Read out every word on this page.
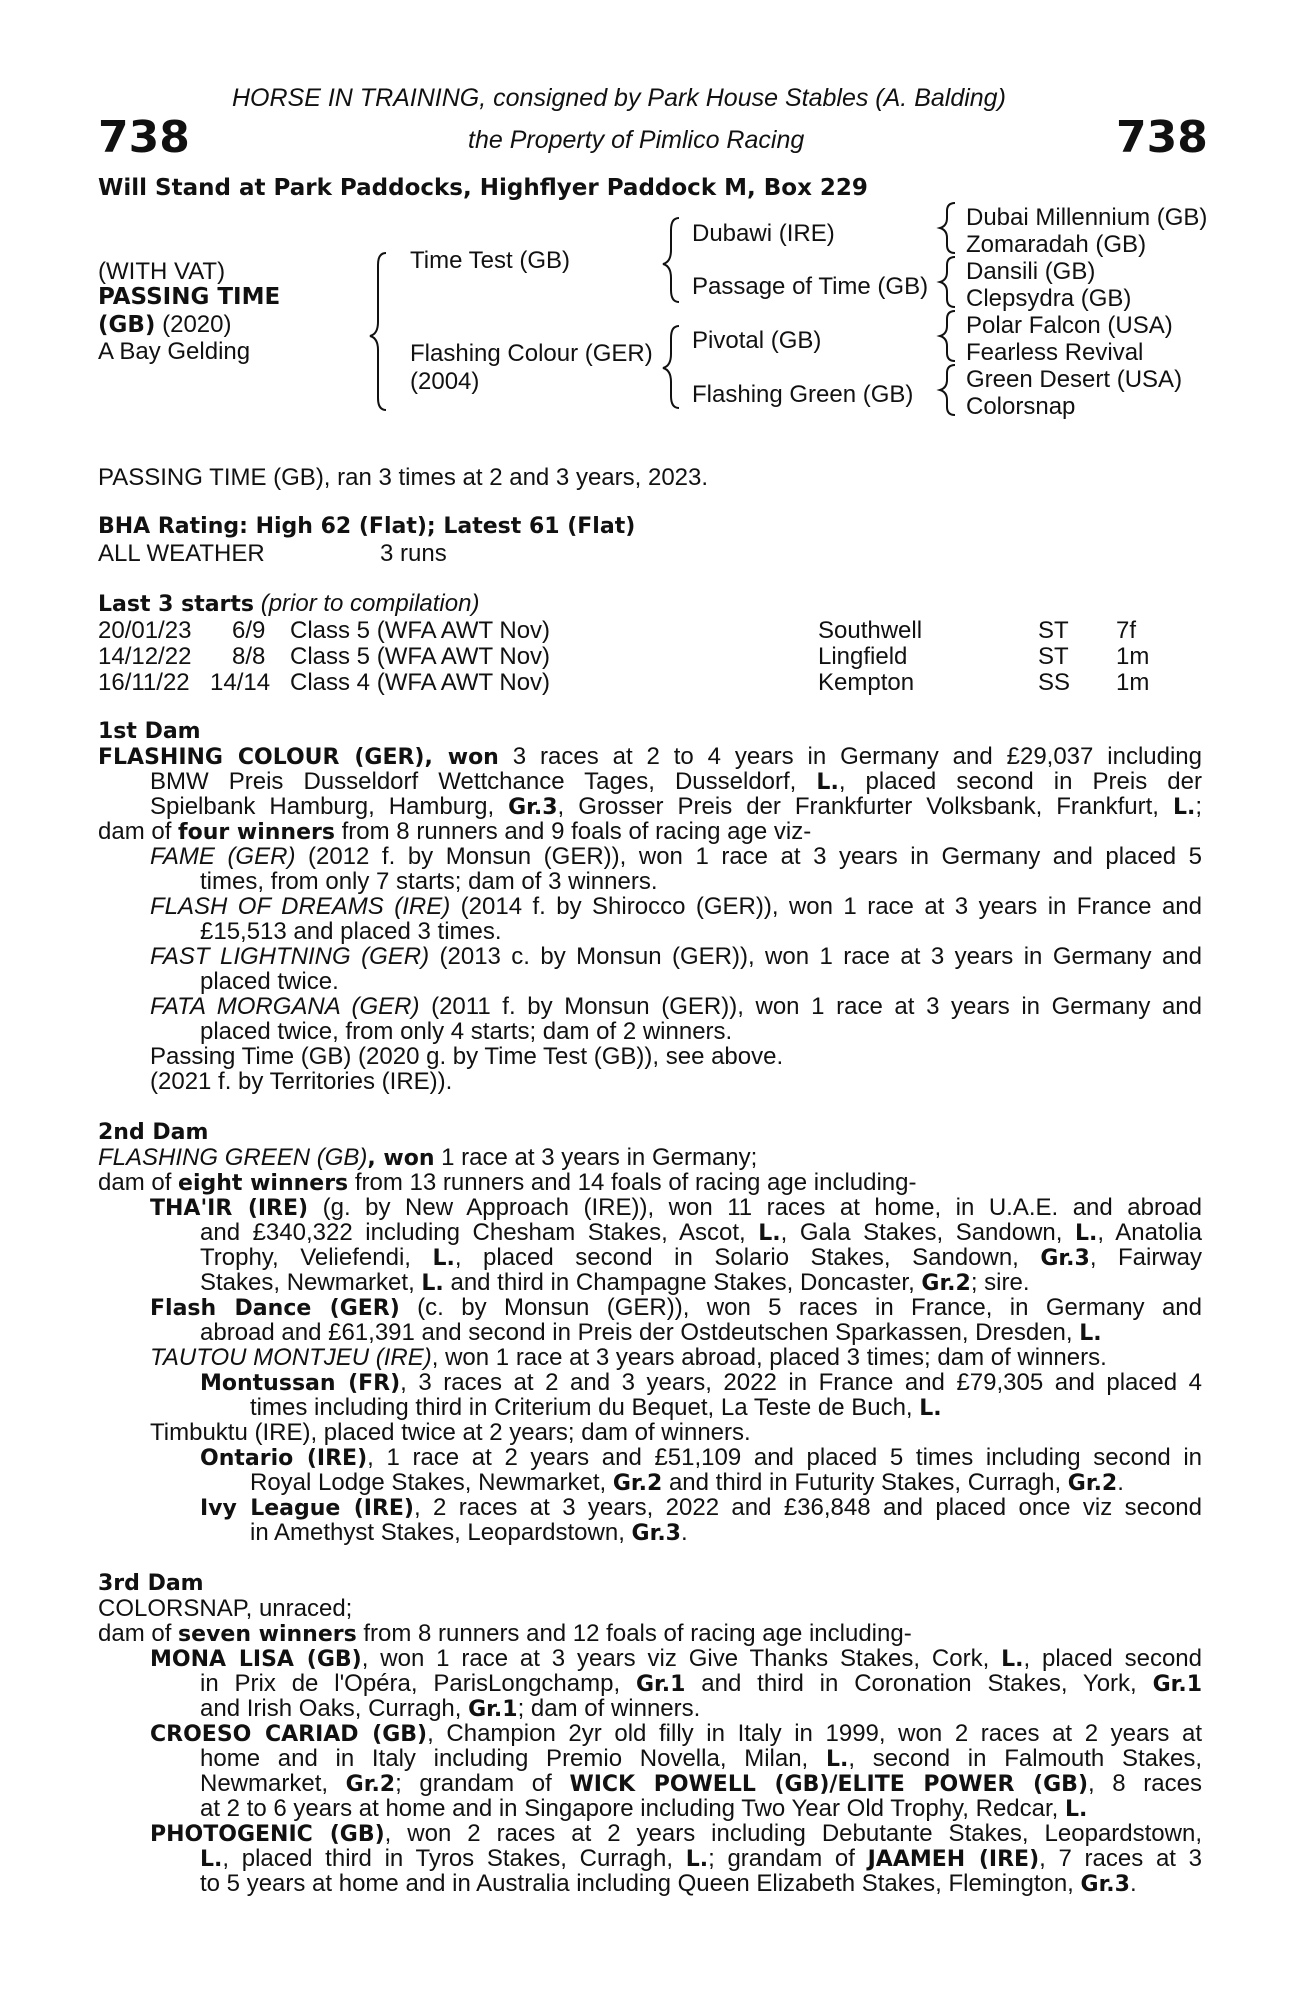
HORSE IN TRAINING, consigned by Park House Stables (A. Balding)
738	the Property of Pimlico Racing	738
Will Stand at Park Paddocks, Highflyer Paddock M, Box 229
(WITH VAT)
PASSING TIME
(GB) (2020)
A Bay Gelding
Time Test (GB)
Flashing Colour (GER)
(2004)
Dubawi (IRE)
Passage of Time (GB)
Pivotal (GB)
Flashing Green (GB)
Dubai Millennium (GB)
Zomaradah (GB)
Dansili (GB)
Clepsydra (GB)
Polar Falcon (USA)
Fearless Revival
Green Desert (USA)
Colorsnap
PASSING TIME (GB), ran 3 times at 2 and 3 years, 2023.
BHA Rating: High 62 (Flat); Latest 61 (Flat)
ALL WEATHER	3 runs
Last 3 starts (prior to compilation)
20/01/23 6/9 Class 5 (WFA AWT Nov)	Southwell	ST 7f
14/12/22 8/8 Class 5 (WFA AWT Nov)	Lingfield	ST 1m
16/11/22 14/14 Class 4 (WFA AWT Nov)	Kempton	SS 1m
1st Dam
FLASHING COLOUR (GER), won 3 races at 2 to 4 years in Germany and £29,037 including
BMW Preis Dusseldorf Wettchance Tages, Dusseldorf, L., placed second in Preis der
Spielbank Hamburg, Hamburg, Gr.3, Grosser Preis der Frankfurter Volksbank, Frankfurt, L.;
dam of four winners from 8 runners and 9 foals of racing age viz-
FAME (GER) (2012 f. by Monsun (GER)), won 1 race at 3 years in Germany and placed 5
times, from only 7 starts; dam of 3 winners.
FLASH OF DREAMS (IRE) (2014 f. by Shirocco (GER)), won 1 race at 3 years in France and
£15,513 and placed 3 times.
FAST LIGHTNING (GER) (2013 c. by Monsun (GER)), won 1 race at 3 years in Germany and
placed twice.
FATA MORGANA (GER) (2011 f. by Monsun (GER)), won 1 race at 3 years in Germany and
placed twice, from only 4 starts; dam of 2 winners.
Passing Time (GB) (2020 g. by Time Test (GB)), see above.
(2021 f. by Territories (IRE)).
2nd Dam
FLASHING GREEN (GB), won 1 race at 3 years in Germany;
dam of eight winners from 13 runners and 14 foals of racing age including-
THA'IR (IRE) (g. by New Approach (IRE)), won 11 races at home, in U.A.E. and abroad
and £340,322 including Chesham Stakes, Ascot, L., Gala Stakes, Sandown, L., Anatolia
Trophy, Veliefendi, L., placed second in Solario Stakes, Sandown, Gr.3, Fairway
Stakes, Newmarket, L. and third in Champagne Stakes, Doncaster, Gr.2; sire.
Flash Dance (GER) (c. by Monsun (GER)), won 5 races in France, in Germany and
abroad and £61,391 and second in Preis der Ostdeutschen Sparkassen, Dresden, L.
TAUTOU MONTJEU (IRE), won 1 race at 3 years abroad, placed 3 times; dam of winners.
Montussan (FR), 3 races at 2 and 3 years, 2022 in France and £79,305 and placed 4
times including third in Criterium du Bequet, La Teste de Buch, L.
Timbuktu (IRE), placed twice at 2 years; dam of winners.
Ontario (IRE), 1 race at 2 years and £51,109 and placed 5 times including second in
Royal Lodge Stakes, Newmarket, Gr.2 and third in Futurity Stakes, Curragh, Gr.2.
Ivy League (IRE), 2 races at 3 years, 2022 and £36,848 and placed once viz second
in Amethyst Stakes, Leopardstown, Gr.3.
3rd Dam
COLORSNAP, unraced;
dam of seven winners from 8 runners and 12 foals of racing age including-
MONA LISA (GB), won 1 race at 3 years viz Give Thanks Stakes, Cork, L., placed second
in Prix de l'Opéra, ParisLongchamp, Gr.1 and third in Coronation Stakes, York, Gr.1
and Irish Oaks, Curragh, Gr.1; dam of winners.
CROESO CARIAD (GB), Champion 2yr old filly in Italy in 1999, won 2 races at 2 years at
home and in Italy including Premio Novella, Milan, L., second in Falmouth Stakes,
Newmarket, Gr.2; grandam of WICK POWELL (GB)/ELITE POWER (GB), 8 races
at 2 to 6 years at home and in Singapore including Two Year Old Trophy, Redcar, L.
PHOTOGENIC (GB), won 2 races at 2 years including Debutante Stakes, Leopardstown,
L., placed third in Tyros Stakes, Curragh, L.; grandam of JAAMEH (IRE), 7 races at 3
to 5 years at home and in Australia including Queen Elizabeth Stakes, Flemington, Gr.3.
